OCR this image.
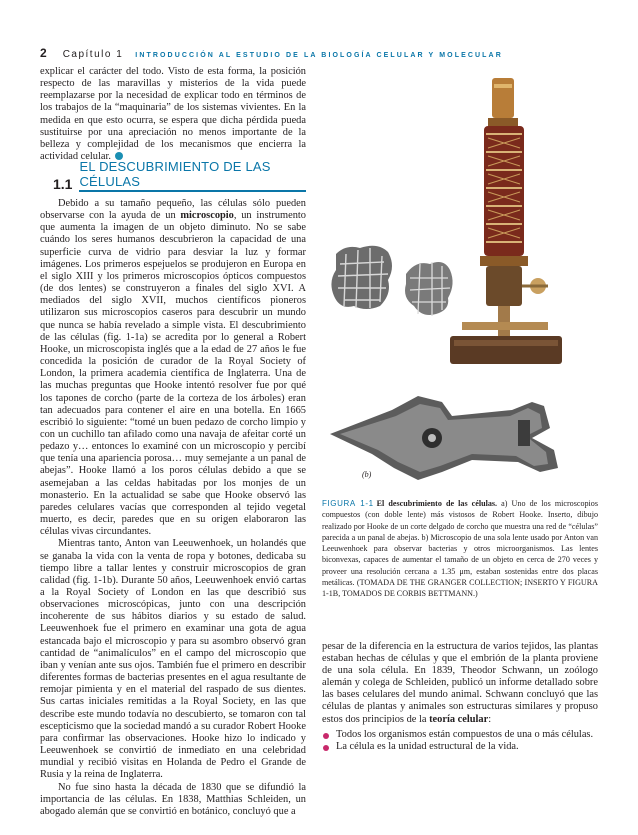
2 Capítulo 1 INTRODUCCIÓN AL ESTUDIO DE LA BIOLOGÍA CELULAR Y MOLECULAR

explicar el carácter del todo. Visto de esta forma, la posición respecto de las maravillas y misterios de la vida puede reemplazarse por la necesidad de explicar todo en términos de los trabajos de la “maquinaria” de los sistemas vivientes. En la medida en que esto ocurra, se espera que dicha pérdida pueda sustituirse por una apreciación no menos importante de la belleza y complejidad de los mecanismos que encierra la actividad celular.

1.1
EL DESCUBRIMIENTO DE LAS CÉLULAS

Debido a su tamaño pequeño, las células sólo pueden observarse con la ayuda de un microscopio, un instrumento que aumenta la imagen de un objeto diminuto. No se sabe cuándo los seres humanos descubrieron la capacidad de una superficie curva de vidrio para desviar la luz y formar imágenes. Los primeros espejuelos se produjeron en Europa en el siglo XIII y los primeros microscopios ópticos compuestos (de dos lentes) se construyeron a finales del siglo XVI. A mediados del siglo XVII, muchos científicos pioneros utilizaron sus microscopios caseros para descubrir un mundo que nunca se había revelado a simple vista. El descubrimiento de las células (fig. 1-1a) se acredita por lo general a Robert Hooke, un microscopista inglés que a la edad de 27 años le fue concedida la posición de curador de la Royal Society of London, la primera academia científica de Inglaterra. Una de las muchas preguntas que Hooke intentó resolver fue por qué los tapones de corcho (parte de la corteza de los árboles) eran tan adecuados para contener el aire en una botella. En 1665 escribió lo siguiente: “tomé un buen pedazo de corcho limpio y con un cuchillo tan afilado como una navaja de afeitar corté un pedazo y… entonces lo examiné con un microscopio y percibí que tenía una apariencia porosa… muy semejante a un panal de abejas”. Hooke llamó a los poros células debido a que se asemejaban a las celdas habitadas por los monjes de un monasterio. En la actualidad se sabe que Hooke observó las paredes celulares vacías que corresponden al tejido vegetal muerto, es decir, paredes que en su origen elaboraron las células vivas circundantes.

Mientras tanto, Anton van Leeuwenhoek, un holandés que se ganaba la vida con la venta de ropa y botones, dedicaba su tiempo libre a tallar lentes y construir microscopios de gran calidad (fig. 1-1b). Durante 50 años, Leeuwenhoek envió cartas a la Royal Society of London en las que describió sus observaciones microscópicas, junto con una descripción incoherente de sus hábitos diarios y su estado de salud. Leeuwenhoek fue el primero en examinar una gota de agua estancada bajo el microscopio y para su asombro observó gran cantidad de “animalículos” en el campo del microscopio que iban y venían ante sus ojos. También fue el primero en describir diferentes formas de bacterias presentes en el agua resultante de remojar pimienta y en el material del raspado de sus dientes. Sus cartas iniciales remitidas a la Royal Society, en las que describe este mundo todavía no descubierto, se tomaron con tal escepticismo que la sociedad mandó a su curador Robert Hooke para confirmar las observaciones. Hooke hizo lo indicado y Leeuwenhoek se convirtió de inmediato en una celebridad mundial y recibió visitas en Holanda de Pedro el Grande de Rusia y la reina de Inglaterra.

No fue sino hasta la década de 1830 que se difundió la importancia de las células. En 1838, Matthias Schleiden, un abogado alemán que se convirtió en botánico, concluyó que a

(b)

FIGURA 1-1 El descubrimiento de las células. a) Uno de los microscopios compuestos (con doble lente) más vistosos de Robert Hooke. Inserto, dibujo realizado por Hooke de un corte delgado de corcho que muestra una red de “células” parecida a un panal de abejas. b) Microscopio de una sola lente usado por Anton van Leeuwenhoek para observar bacterias y otros microorganismos. Las lentes biconvexas, capaces de aumentar el tamaño de un objeto en cerca de 270 veces y proveer una resolución cercana a 1.35 μm, estaban sostenidas entre dos placas metálicas. (TOMADA DE THE GRANGER COLLECTION; INSERTO Y FIGURA 1-1B, TOMADOS DE CORBIS BETTMANN.)

pesar de la diferencia en la estructura de varios tejidos, las plantas estaban hechas de células y que el embrión de la planta proviene de una sola célula. En 1839, Theodor Schwann, un zoólogo alemán y colega de Schleiden, publicó un informe detallado sobre las bases celulares del mundo animal. Schwann concluyó que las células de plantas y animales son estructuras similares y propuso estos dos principios de la teoría celular:

Todos los organismos están compuestos de una o más células.
La célula es la unidad estructural de la vida.
